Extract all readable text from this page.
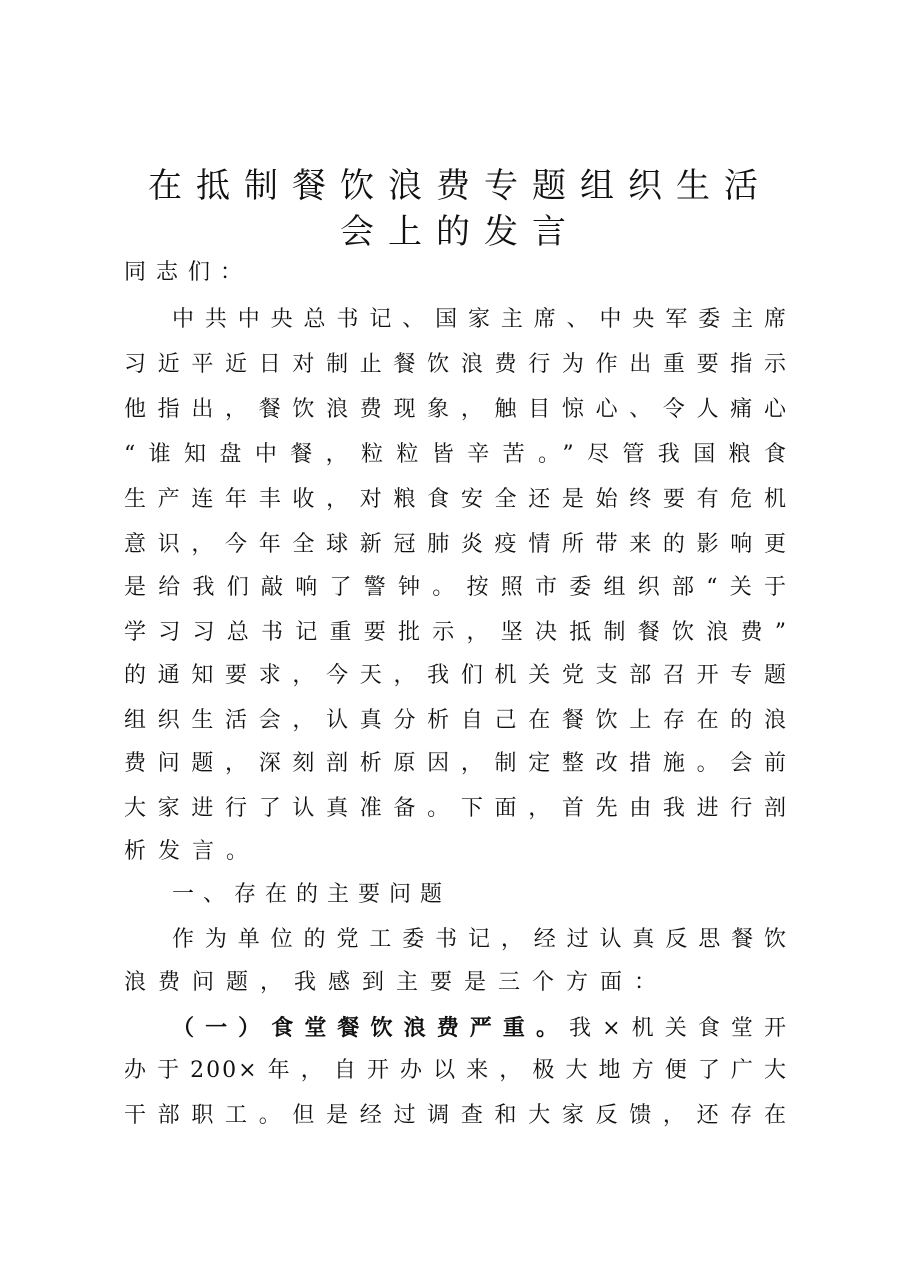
在抵制餐饮浪费专题组织生活
会上的发言
同志们：
中共中央总书记、国家主席、中央军委主席
习近平近日对制止餐饮浪费行为作出重要指示
他指出，餐饮浪费现象，触目惊心、令人痛心
“谁知盘中餐，粒粒皆辛苦。”尽管我国粮食
生产连年丰收，对粮食安全还是始终要有危机
意识，今年全球新冠肺炎疫情所带来的影响更
是给我们敲响了警钟。按照市委组织部“关于
学习习总书记重要批示，坚决抵制餐饮浪费”
的通知要求，今天，我们机关党支部召开专题
组织生活会，认真分析自己在餐饮上存在的浪
费问题，深刻剖析原因，制定整改措施。会前
大家进行了认真准备。下面，首先由我进行剖
析发言。
一、存在的主要问题
作为单位的党工委书记，经过认真反思餐饮
浪费问题，我感到主要是三个方面：
（一）食堂餐饮浪费严重。我×机关食堂开
办于200×年，自开办以来，极大地方便了广大
干部职工。但是经过调查和大家反馈，还存在
